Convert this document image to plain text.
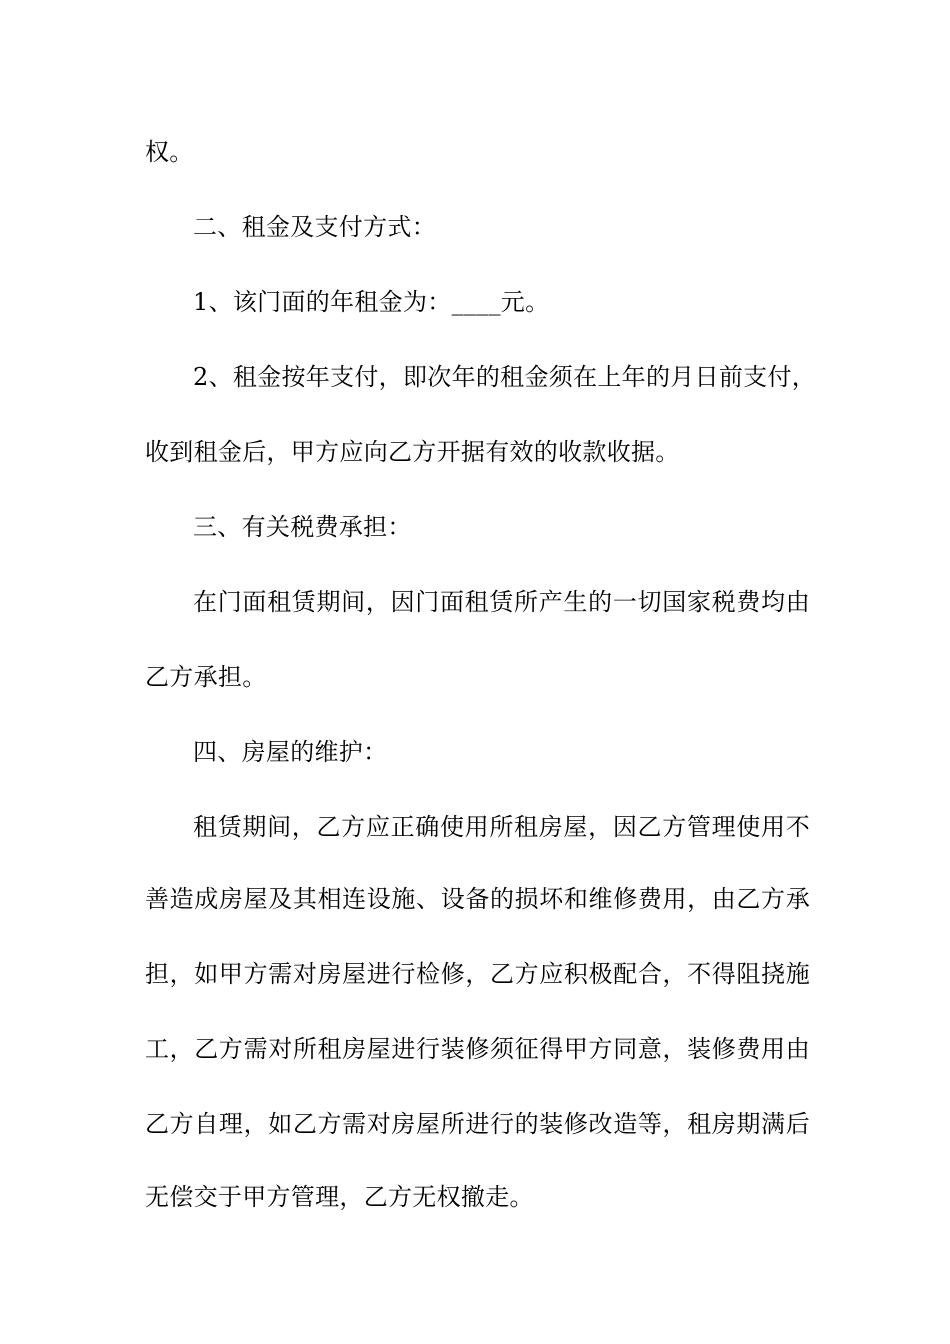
权。
二、租金及支付方式：
1、该门面的年租金为：____元。
2、租金按年支付，即次年的租金须在上年的月日前支付，
收到租金后，甲方应向乙方开据有效的收款收据。
三、有关税费承担：
在门面租赁期间，因门面租赁所产生的一切国家税费均由
乙方承担。
四、房屋的维护：
租赁期间，乙方应正确使用所租房屋，因乙方管理使用不
善造成房屋及其相连设施、设备的损坏和维修费用，由乙方承
担，如甲方需对房屋进行检修，乙方应积极配合，不得阻挠施
工，乙方需对所租房屋进行装修须征得甲方同意，装修费用由
乙方自理，如乙方需对房屋所进行的装修改造等，租房期满后
无偿交于甲方管理，乙方无权撤走。
